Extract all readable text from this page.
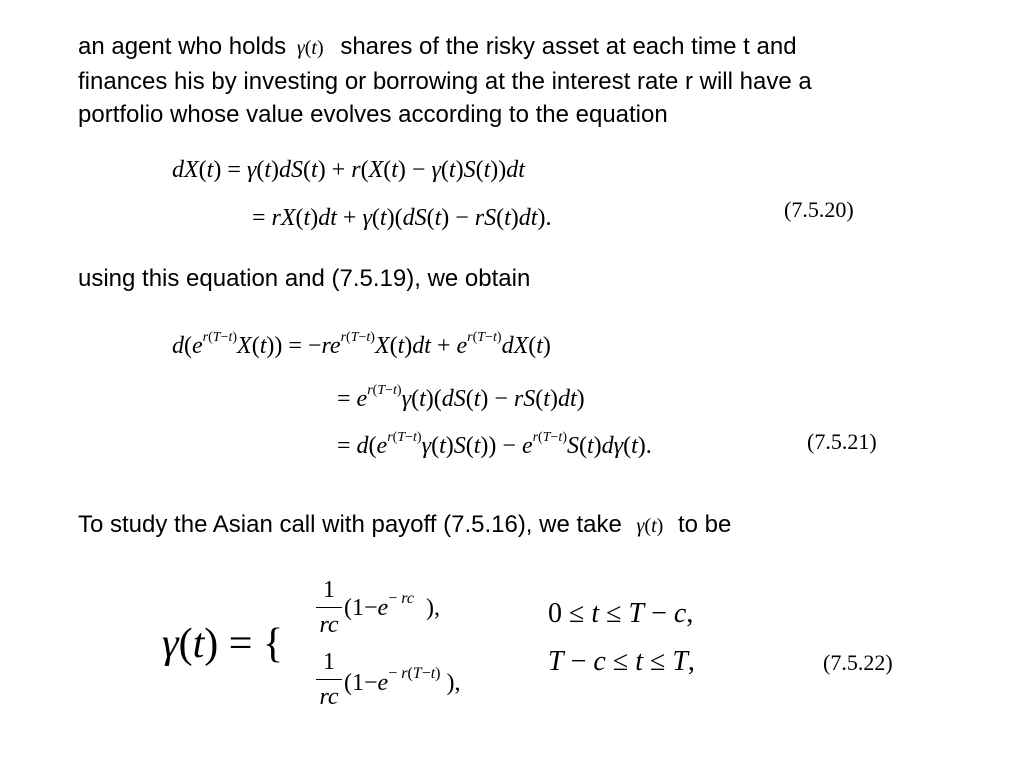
an agent who holds γ(t) shares of the risky asset at each time t and
finances his by investing or borrowing at the interest rate r will have a
portfolio whose value evolves according to the equation
dX(t) = γ(t)dS(t) + r(X(t) − γ(t)S(t))dt
= rX(t)dt + γ(t)(dS(t) − rS(t)dt).	(7.5.20)
using this equation and (7.5.19), we obtain
$d(e^{r(T-t)}X(t)) = -re^{r(T-t)}X(t)dt + e^{r(T-t)}dX(t)$
= $e^{r(T-t)}\gamma(t)(dS(t) - rS(t)dt)$
= $d(e^{r(T-t)}\gamma(t)S(t)) - e^{r(T-t)}S(t)d\gamma(t)$.	(7.5.21)
To study the Asian call with payoff (7.5.16), we take γ(t) to be
γ(t) = {
1
rc
($1-e^{- rc}$  ),	0 ≤ t ≤ T − c,
1
rc
($1-e^{- r(T-t)}$ ),
T − c ≤ t ≤ T,	(7.5.22)
